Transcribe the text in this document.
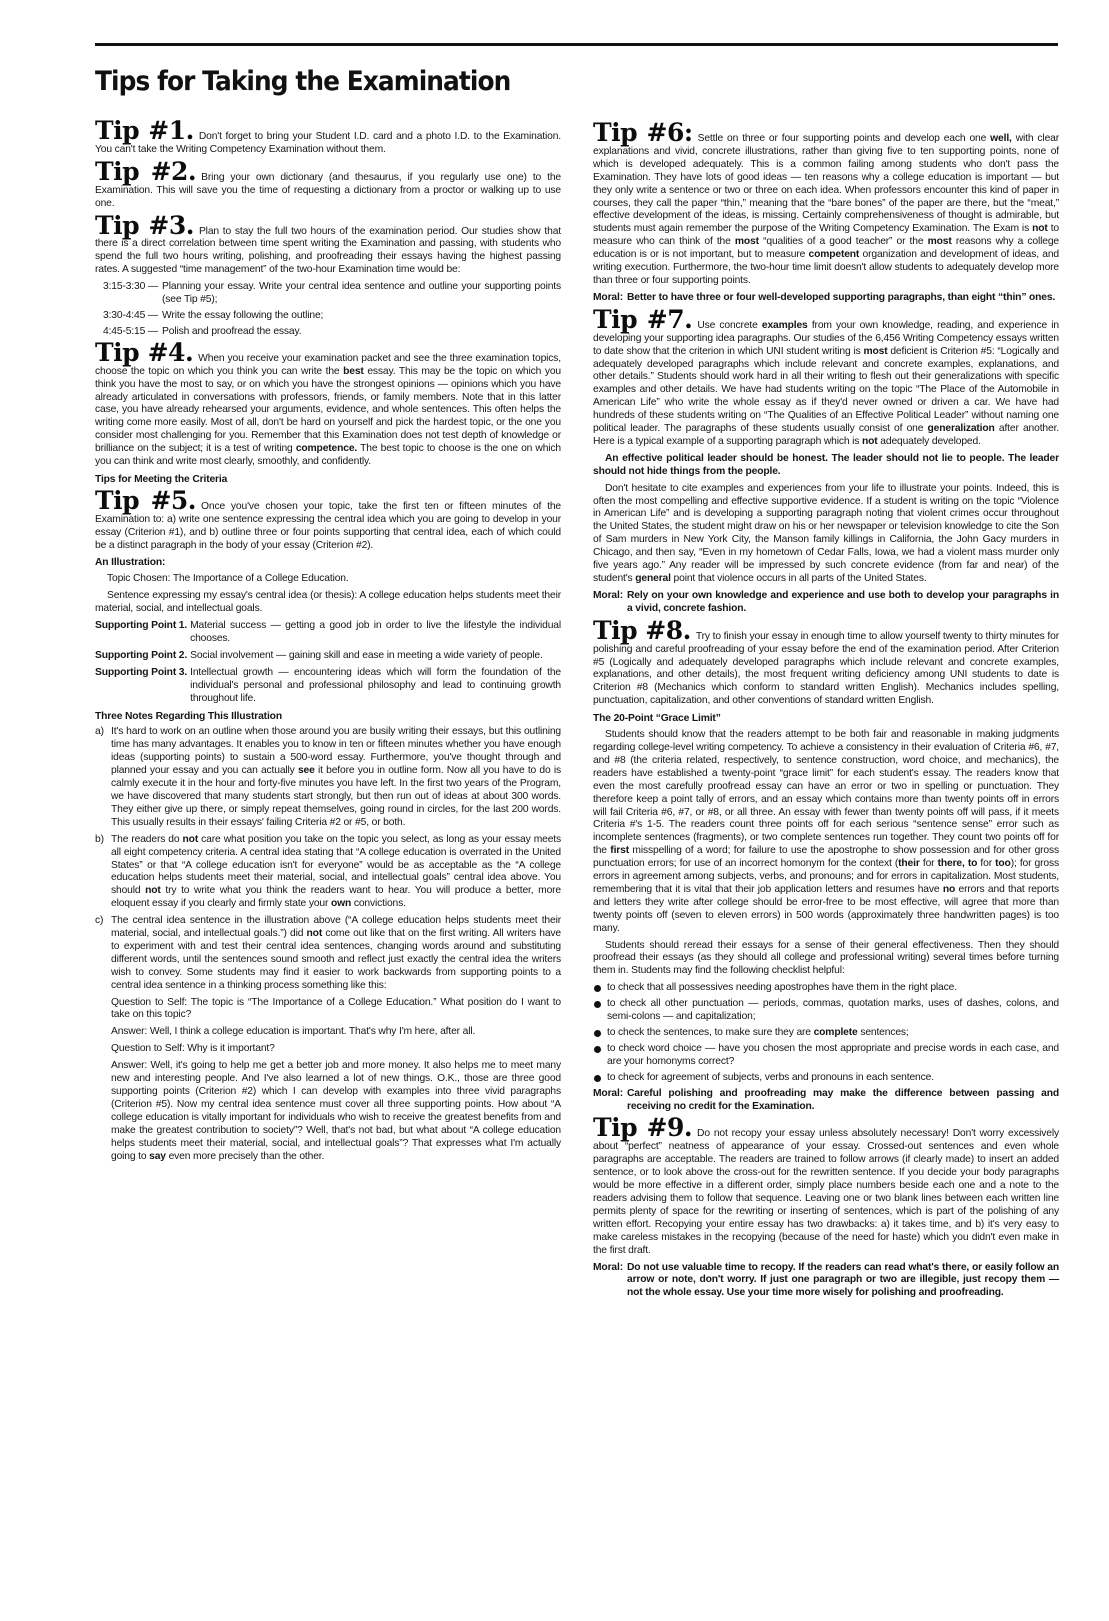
Tips for Taking the Examination

Tip #1. Don't forget to bring your Student I.D. card and a photo I.D. to the Examination. You can't take the Writing Competency Examination without them.

Tip #2. Bring your own dictionary (and thesaurus, if you regularly use one) to the Examination. This will save you the time of requesting a dictionary from a proctor or walking up to use one.

Tip #3. Plan to stay the full two hours of the examination period. Our studies show that there is a direct correlation between time spent writing the Examination and passing, with students who spend the full two hours writing, polishing, and proofreading their essays having the highest passing rates. A suggested “time management” of the two-hour Examination time would be:

3:15-3:30 — Planning your essay. Write your central idea sentence and outline your supporting points (see Tip #5);
3:30-4:45 — Write the essay following the outline;
4:45-5:15 — Polish and proofread the essay.

Tip #4. When you receive your examination packet and see the three examination topics, choose the topic on which you think you can write the best essay. This may be the topic on which you think you have the most to say, or on which you have the strongest opinions — opinions which you have already articulated in conversations with professors, friends, or family members. Note that in this latter case, you have already rehearsed your arguments, evidence, and whole sentences. This often helps the writing come more easily. Most of all, don't be hard on yourself and pick the hardest topic, or the one you consider most challenging for you. Remember that this Examination does not test depth of knowledge or brilliance on the subject; it is a test of writing competence. The best topic to choose is the one on which you can think and write most clearly, smoothly, and confidently.

Tips for Meeting the Criteria

Tip #5. Once you've chosen your topic, take the first ten or fifteen minutes of the Examination to: a) write one sentence expressing the central idea which you are going to develop in your essay (Criterion #1), and b) outline three or four points supporting that central idea, each of which could be a distinct paragraph in the body of your essay (Criterion #2).

An Illustration:

Topic Chosen: The Importance of a College Education.

Sentence expressing my essay's central idea (or thesis): A college education helps students meet their material, social, and intellectual goals.

Supporting Point 1. Material success — getting a good job in order to live the lifestyle the individual chooses.
Supporting Point 2. Social involvement — gaining skill and ease in meeting a wide variety of people.
Supporting Point 3. Intellectual growth — encountering ideas which will form the foundation of the individual's personal and professional philosophy and lead to continuing growth throughout life.
Three Notes Regarding This Illustration
a) It's hard to work on an outline when those around you are busily writing their essays, but this outlining time has many advantages. It enables you to know in ten or fifteen minutes whether you have enough ideas (supporting points) to sustain a 500-word essay. Furthermore, you've thought through and planned your essay and you can actually see it before you in outline form. Now all you have to do is calmly execute it in the hour and forty-five minutes you have left. In the first two years of the Program, we have discovered that many students start strongly, but then run out of ideas at about 300 words. They either give up there, or simply repeat themselves, going round in circles, for the last 200 words. This usually results in their essays' failing Criteria #2 or #5, or both.
b) The readers do not care what position you take on the topic you select, as long as your essay meets all eight competency criteria. A central idea stating that “A college education is overrated in the United States” or that “A college education isn't for everyone” would be as acceptable as the “A college education helps students meet their material, social, and intellectual goals” central idea above. You should not try to write what you think the readers want to hear. You will produce a better, more eloquent essay if you clearly and firmly state your own convictions.
c) The central idea sentence in the illustration above (“A college education helps students meet their material, social, and intellectual goals.”) did not come out like that on the first writing. All writers have to experiment with and test their central idea sentences, changing words around and substituting different words, until the sentences sound smooth and reflect just exactly the central idea the writers wish to convey. Some students may find it easier to work backwards from supporting points to a central idea sentence in a thinking process something like this:

Question to Self: The topic is “The Importance of a College Education.” What position do I want to take on this topic?

Answer: Well, I think a college education is important. That's why I'm here, after all.

Question to Self: Why is it important?

Answer: Well, it's going to help me get a better job and more money. It also helps me to meet many new and interesting people. And I've also learned a lot of new things. O.K., those are three good supporting points (Criterion #2) which I can develop with examples into three vivid paragraphs (Criterion #5). Now my central idea sentence must cover all three supporting points. How about “A college education is vitally important for individuals who wish to receive the greatest benefits from and make the greatest contribution to society”? Well, that's not bad, but what about “A college education helps students meet their material, social, and intellectual goals”? That expresses what I'm actually going to say even more precisely than the other.

Tip #6: Settle on three or four supporting points and develop each one well, with clear explanations and vivid, concrete illustrations, rather than giving five to ten supporting points, none of which is developed adequately. This is a common failing among students who don't pass the Examination. They have lots of good ideas — ten reasons why a college education is important — but they only write a sentence or two or three on each idea. When professors encounter this kind of paper in courses, they call the paper “thin,” meaning that the “bare bones” of the paper are there, but the “meat,” effective development of the ideas, is missing. Certainly comprehensiveness of thought is admirable, but students must again remember the purpose of the Writing Competency Examination. The Exam is not to measure who can think of the most “qualities of a good teacher” or the most reasons why a college education is or is not important, but to measure competent organization and development of ideas, and writing execution. Furthermore, the two-hour time limit doesn't allow students to adequately develop more than three or four supporting points.

Moral: Better to have three or four well-developed supporting paragraphs, than eight “thin” ones.

Tip #7. Use concrete examples from your own knowledge, reading, and experience in developing your supporting idea paragraphs. Our studies of the 6,456 Writing Competency essays written to date show that the criterion in which UNI student writing is most deficient is Criterion #5: “Logically and adequately developed paragraphs which include relevant and concrete examples, explanations, and other details.” Students should work hard in all their writing to flesh out their generalizations with specific examples and other details. We have had students writing on the topic “The Place of the Automobile in American Life” who write the whole essay as if they'd never owned or driven a car. We have had hundreds of these students writing on “The Qualities of an Effective Political Leader” without naming one political leader. The paragraphs of these students usually consist of one generalization after another. Here is a typical example of a supporting paragraph which is not adequately developed.

An effective political leader should be honest. The leader should not lie to people. The leader should not hide things from the people.

Don't hesitate to cite examples and experiences from your life to illustrate your points. Indeed, this is often the most compelling and effective supportive evidence. If a student is writing on the topic “Violence in American Life” and is developing a supporting paragraph noting that violent crimes occur throughout the United States, the student might draw on his or her newspaper or television knowledge to cite the Son of Sam murders in New York City, the Manson family killings in California, the John Gacy murders in Chicago, and then say, “Even in my hometown of Cedar Falls, Iowa, we had a violent mass murder only five years ago.” Any reader will be impressed by such concrete evidence (from far and near) of the student's general point that violence occurs in all parts of the United States.

Moral: Rely on your own knowledge and experience and use both to develop your paragraphs in a vivid, concrete fashion.

Tip #8. Try to finish your essay in enough time to allow yourself twenty to thirty minutes for polishing and careful proofreading of your essay before the end of the examination period. After Criterion #5 (Logically and adequately developed paragraphs which include relevant and concrete examples, explanations, and other details), the most frequent writing deficiency among UNI students to date is Criterion #8 (Mechanics which conform to standard written English). Mechanics includes spelling, punctuation, capitalization, and other conventions of standard written English.

The 20-Point “Grace Limit”

Students should know that the readers attempt to be both fair and reasonable in making judgments regarding college-level writing competency. To achieve a consistency in their evaluation of Criteria #6, #7, and #8 (the criteria related, respectively, to sentence construction, word choice, and mechanics), the readers have established a twenty-point “grace limit” for each student's essay. The readers know that even the most carefully proofread essay can have an error or two in spelling or punctuation. They therefore keep a point tally of errors, and an essay which contains more than twenty points off in errors will fail Criteria #6, #7, or #8, or all three. An essay with fewer than twenty points off will pass, if it meets Criteria #'s 1-5. The readers count three points off for each serious “sentence sense” error such as incomplete sentences (fragments), or two complete sentences run together. They count two points off for the first misspelling of a word; for failure to use the apostrophe to show possession and for other gross punctuation errors; for use of an incorrect homonym for the context (their for there, to for too); for gross errors in agreement among subjects, verbs, and pronouns; and for errors in capitalization. Most students, remembering that it is vital that their job application letters and resumes have no errors and that reports and letters they write after college should be error-free to be most effective, will agree that more than twenty points off (seven to eleven errors) in 500 words (approximately three handwritten pages) is too many.

Students should reread their essays for a sense of their general effectiveness. Then they should proofread their essays (as they should all college and professional writing) several times before turning them in. Students may find the following checklist helpful:

to check that all possessives needing apostrophes have them in the right place.
to check all other punctuation — periods, commas, quotation marks, uses of dashes, colons, and semi-colons — and capitalization;
to check the sentences, to make sure they are complete sentences;
to check word choice — have you chosen the most appropriate and precise words in each case, and are your homonyms correct?
to check for agreement of subjects, verbs and pronouns in each sentence.
Moral: Careful polishing and proofreading may make the difference between passing and receiving no credit for the Examination.

Tip #9. Do not recopy your essay unless absolutely necessary! Don't worry excessively about “perfect” neatness of appearance of your essay. Crossed-out sentences and even whole paragraphs are acceptable. The readers are trained to follow arrows (if clearly made) to insert an added sentence, or to look above the cross-out for the rewritten sentence. If you decide your body paragraphs would be more effective in a different order, simply place numbers beside each one and a note to the readers advising them to follow that sequence. Leaving one or two blank lines between each written line permits plenty of space for the rewriting or inserting of sentences, which is part of the polishing of any written effort. Recopying your entire essay has two drawbacks: a) it takes time, and b) it's very easy to make careless mistakes in the recopying (because of the need for haste) which you didn't even make in the first draft.

Moral: Do not use valuable time to recopy. If the readers can read what's there, or easily follow an arrow or note, don't worry. If just one paragraph or two are illegible, just recopy them — not the whole essay. Use your time more wisely for polishing and proofreading.
